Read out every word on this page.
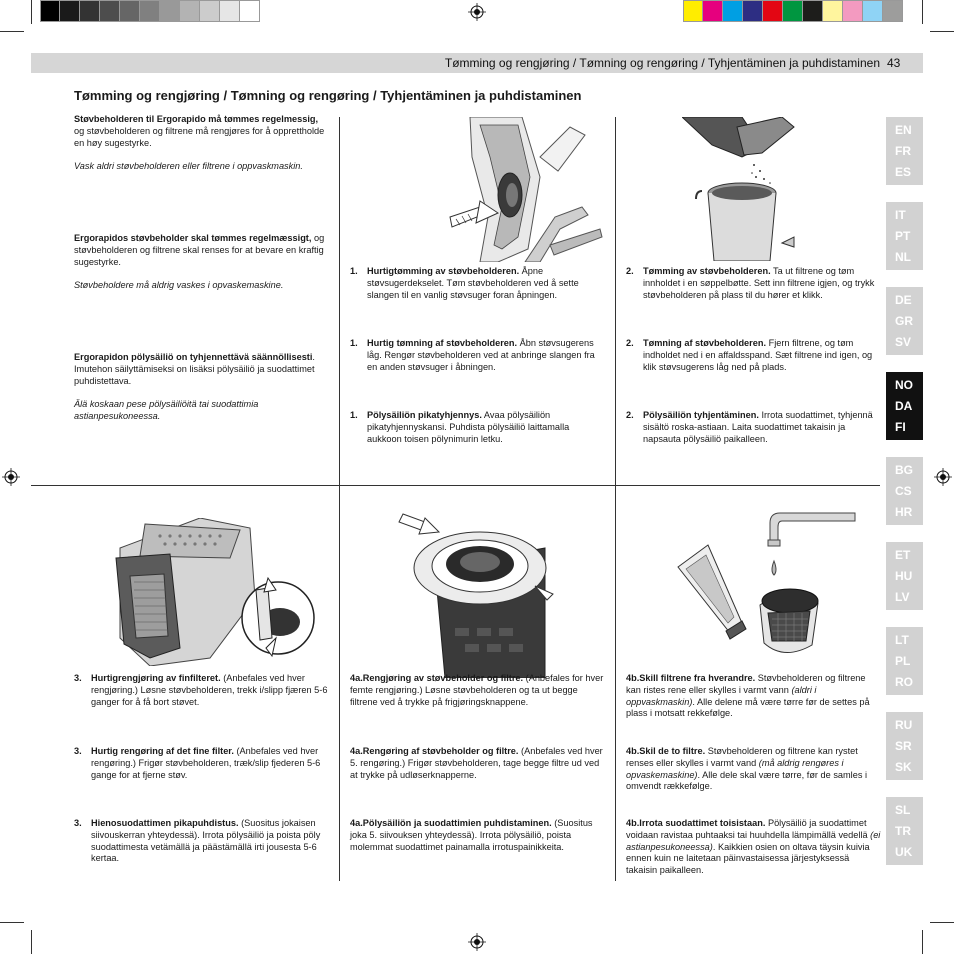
Tømming og rengjøring / Tømning og rengøring / Tyhjentäminen ja puhdistaminen 43
Tømming og rengjøring / Tømning og rengøring / Tyhjentäminen ja puhdistaminen
Støvbeholderen til Ergorapido må tømmes regelmessig, og støvbeholderen og filtrene må rengjøres for å opprettholde en høy sugestyrke.
Vask aldri støvbeholderen eller filtrene i oppvaskmaskin.
Ergorapidos støvbeholder skal tømmes regelmæssigt, og støvbeholderen og filtrene skal renses for at bevare en kraftig sugestyrke.
Støvbeholdere må aldrig vaskes i opvaskemaskine.
Ergorapidon pölysäiliö on tyhjennettävä säännöllisesti. Imutehon säilyttämiseksi on lisäksi pölysäiliö ja suodattimet puhdistettava.
Älä koskaan pese pölysäiliöitä tai suodattimia astianpesukoneessa.
1. Hurtigtømming av støvbeholderen. Åpne støvsugerdekselet. Tøm støvbeholderen ved å sette slangen til en vanlig støvsuger foran åpningen.
1. Hurtig tømning af støvbeholderen. Åbn støvsugerens låg. Rengør støvbeholderen ved at anbringe slangen fra en anden støvsuger i åbningen.
1. Pölysäiliön pikatyhjennys. Avaa pölysäiliön pikatyhjennyskansi. Puhdista pölysäiliö laittamalla aukkoon toisen pölynimurin letku.
2. Tømming av støvbeholderen. Ta ut filtrene og tøm innholdet i en søppelbøtte. Sett inn filtrene igjen, og trykk støvbeholderen på plass til du hører et klikk.
2. Tømning af støvbeholderen. Fjern filtrene, og tøm indholdet ned i en affaldsspand. Sæt filtrene ind igen, og klik støvsugerens låg ned på plads.
2. Pölysäiliön tyhjentäminen. Irrota suodattimet, tyhjennä sisältö roska-astiaan. Laita suodattimet takaisin ja napsauta pölysäiliö paikalleen.
3. Hurtigrengjøring av finfilteret. (Anbefales ved hver rengjøring.) Løsne støvbeholderen, trekk i/slipp fjæren 5-6 ganger for å få bort støvet.
3. Hurtig rengøring af det fine filter. (Anbefales ved hver rengøring.) Frigør støvbeholderen, træk/slip fjederen 5-6 gange for at fjerne støv.
3. Hienosuodattimen pikapuhdistus. (Suositus jokaisen siivouskerran yhteydessä). Irrota pölysäiliö ja poista pöly suodattimesta vetämällä ja päästämällä irti jousesta 5-6 kertaa.
4a.Rengjøring av støvbeholder og filtre. (Anbefales for hver femte rengjøring.) Løsne støvbeholderen og ta ut begge filtrene ved å trykke på frigjøringsknappene.
4a.Rengøring af støvbeholder og filtre. (Anbefales ved hver 5. rengøring.) Frigør støvbeholderen, tage begge filtre ud ved at trykke på udløserknapperne.
4a.Pölysäiliön ja suodattimien puhdistaminen. (Suositus joka 5. siivouksen yhteydessä). Irrota pölysäiliö, poista molemmat suodattimet painamalla irrotuspainikkeita.
4b.Skill filtrene fra hverandre. Støvbeholderen og filtrene kan ristes rene eller skylles i varmt vann (aldri i oppvaskmaskin). Alle delene må være tørre før de settes på plass i motsatt rekkefølge.
4b.Skil de to filtre. Støvbeholderen og filtrene kan rystet renses eller skylles i varmt vand (må aldrig rengøres i opvaskemaskine). Alle dele skal være tørre, før de samles i omvendt rækkefølge.
4b.Irrota suodattimet toisistaan. Pölysäiliö ja suodattimet voidaan ravistaa puhtaaksi tai huuhdella lämpimällä vedellä (ei astianpesukoneessa). Kaikkien osien on oltava täysin kuivia ennen kuin ne laitetaan päinvastaisessa järjestyksessä takaisin paikalleen.
EN
FR
ES
IT
PT
NL
DE
GR
SV
NO
DA
FI
BG
CS
HR
ET
HU
LV
LT
PL
RO
RU
SR
SK
SL
TR
UK
